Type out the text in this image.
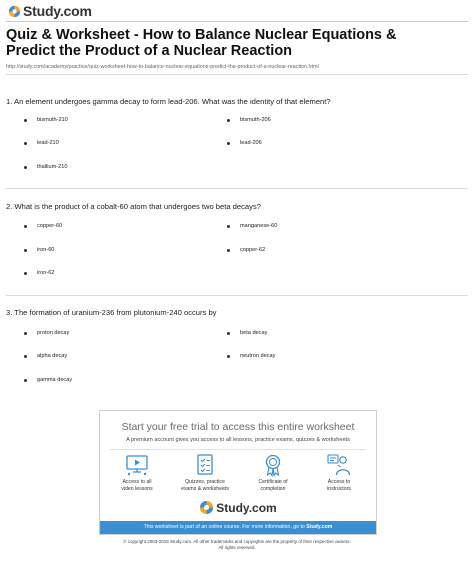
Study.com
Quiz & Worksheet - How to Balance Nuclear Equations & Predict the Product of a Nuclear Reaction
http://study.com/academy/practice/quiz-worksheet-how-to-balance-nuclear-equations-predict-the-product-of-a-nuclear-reaction.html
1. An element undergoes gamma decay to form lead-206. What was the identity of that element?
bismuth-210	bismuth-206
lead-210	lead-206
thallium-210
2. What is the product of a cobalt-60 atom that undergoes two beta decays?
copper-60	manganese-60
iron-60	copper-62
iron-62
3. The formation of uranium-236 from plutonium-240 occurs by
proton decay	beta decay
alpha decay	neutron decay
gamma decay
Start your free trial to access this entire worksheet
A premium account gives you access to all lessons, practice exams, quizzes & worksheets
Access to all
video lessons
Quizzes, practice
exams & worksheets
Certificate of
completion
Access to
instructors
Study.com
This worksheet is part of an online course. For more information, go to Study.com
© copyright 2003-2015 Study.com. All other trademarks and copyrights are the property of their respective owners.
All rights reserved.
